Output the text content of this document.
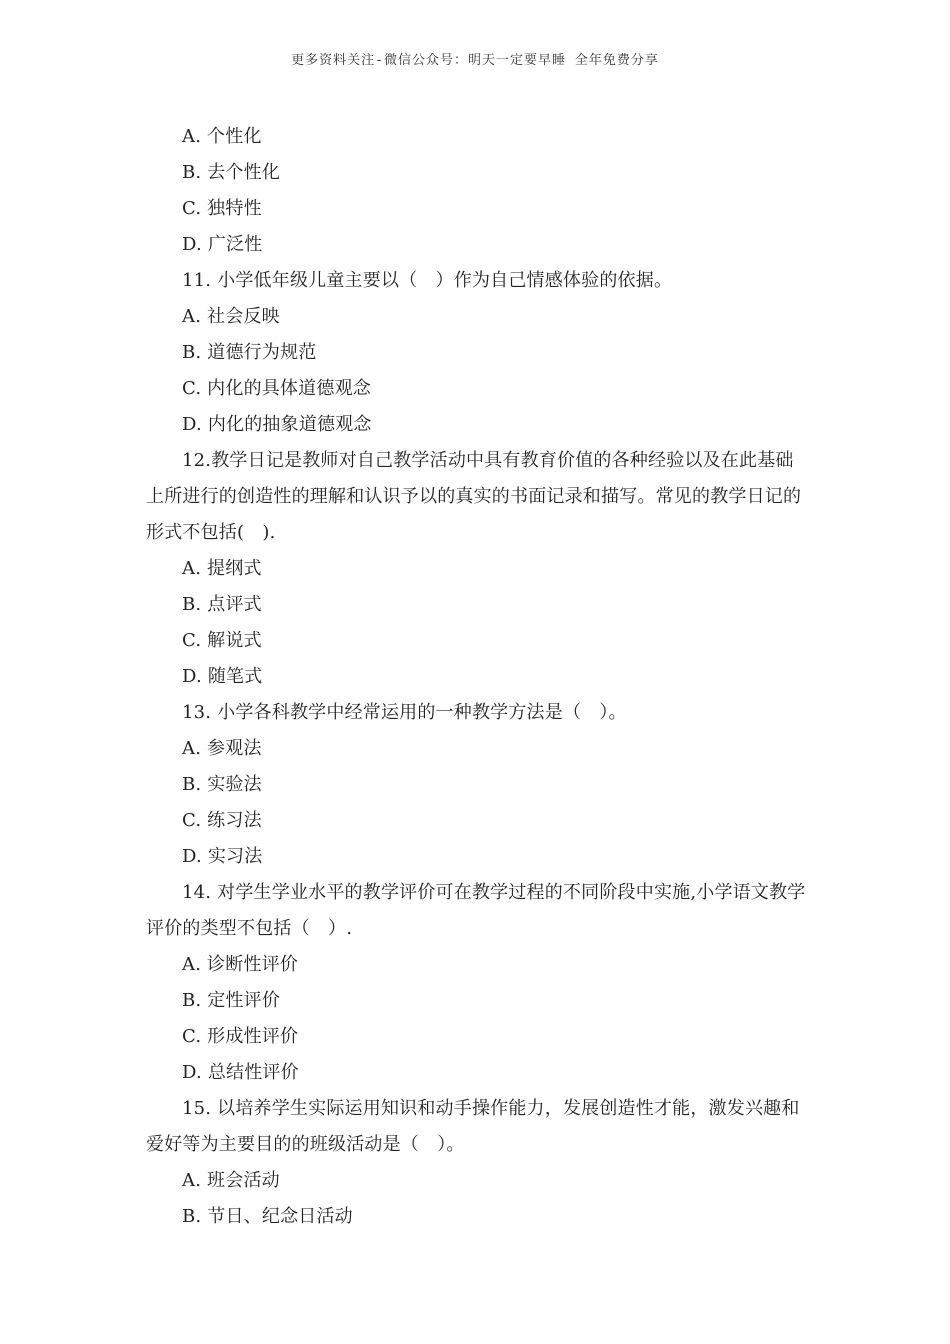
更多资料关注-微信公众号：明天一定要早睡 全年免费分享
A. 个性化
B. 去个性化
C. 独特性
D. 广泛性
11. 小学低年级儿童主要以（　）作为自己情感体验的依据。
A. 社会反映
B. 道德行为规范
C. 内化的具体道德观念
D. 内化的抽象道德观念
12.教学日记是教师对自己教学活动中具有教育价值的各种经验以及在此基础上所进行的创造性的理解和认识予以的真实的书面记录和描写。常见的教学日记的形式不包括(　).
A. 提纲式
B. 点评式
C. 解说式
D. 随笔式
13. 小学各科教学中经常运用的一种教学方法是（　）。
A. 参观法
B. 实验法
C. 练习法
D. 实习法
14. 对学生学业水平的教学评价可在教学过程的不同阶段中实施,小学语文教学评价的类型不包括（　）.
A. 诊断性评价
B. 定性评价
C. 形成性评价
D. 总结性评价
15. 以培养学生实际运用知识和动手操作能力，发展创造性才能，激发兴趣和爱好等为主要目的的班级活动是（　）。
A. 班会活动
B. 节日、纪念日活动
